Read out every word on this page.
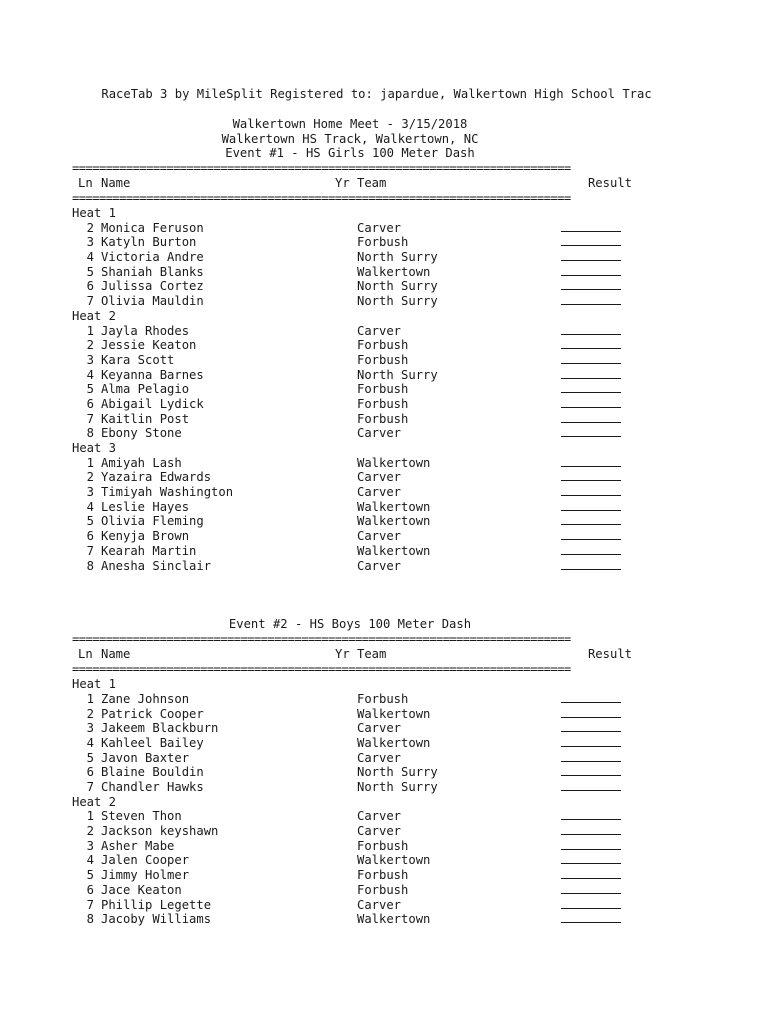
RaceTab 3 by MileSplit Registered to: japardue, Walkertown High School Trac

Walkertown Home Meet - 3/15/2018

Walkertown HS Track, Walkertown, NC

Event #1 - HS Girls 100 Meter Dash
==========================================================================
Ln Name	Yr Team	Result
==========================================================================
Heat 1
2 Monica Feruson	Carver
3 Katyln Burton	Forbush
4 Victoria Andre	North Surry
5 Shaniah Blanks	Walkertown
6 Julissa Cortez	North Surry
7 Olivia Mauldin	North Surry
Heat 2
1 Jayla Rhodes	Carver
2 Jessie Keaton	Forbush
3 Kara Scott	Forbush
4 Keyanna Barnes	North Surry
5 Alma Pelagio	Forbush
6 Abigail Lydick	Forbush
7 Kaitlin Post	Forbush
8 Ebony Stone	Carver
Heat 3
1 Amiyah Lash	Walkertown
2 Yazaira Edwards	Carver
3 Timiyah Washington	Carver
4 Leslie Hayes	Walkertown
5 Olivia Fleming	Walkertown
6 Kenyja Brown	Carver
7 Kearah Martin	Walkertown
8 Anesha Sinclair	Carver
Event #2 - HS Boys 100 Meter Dash
==========================================================================
Ln Name	Yr Team	Result
==========================================================================
Heat 1
1 Zane Johnson	Forbush
2 Patrick Cooper	Walkertown
3 Jakeem Blackburn	Carver
4 Kahleel Bailey	Walkertown
5 Javon Baxter	Carver
6 Blaine Bouldin	North Surry
7 Chandler Hawks	North Surry
Heat 2
1 Steven Thon	Carver
2 Jackson keyshawn	Carver
3 Asher Mabe	Forbush
4 Jalen Cooper	Walkertown
5 Jimmy Holmer	Forbush
6 Jace Keaton	Forbush
7 Phillip Legette	Carver
8 Jacoby Williams	Walkertown
